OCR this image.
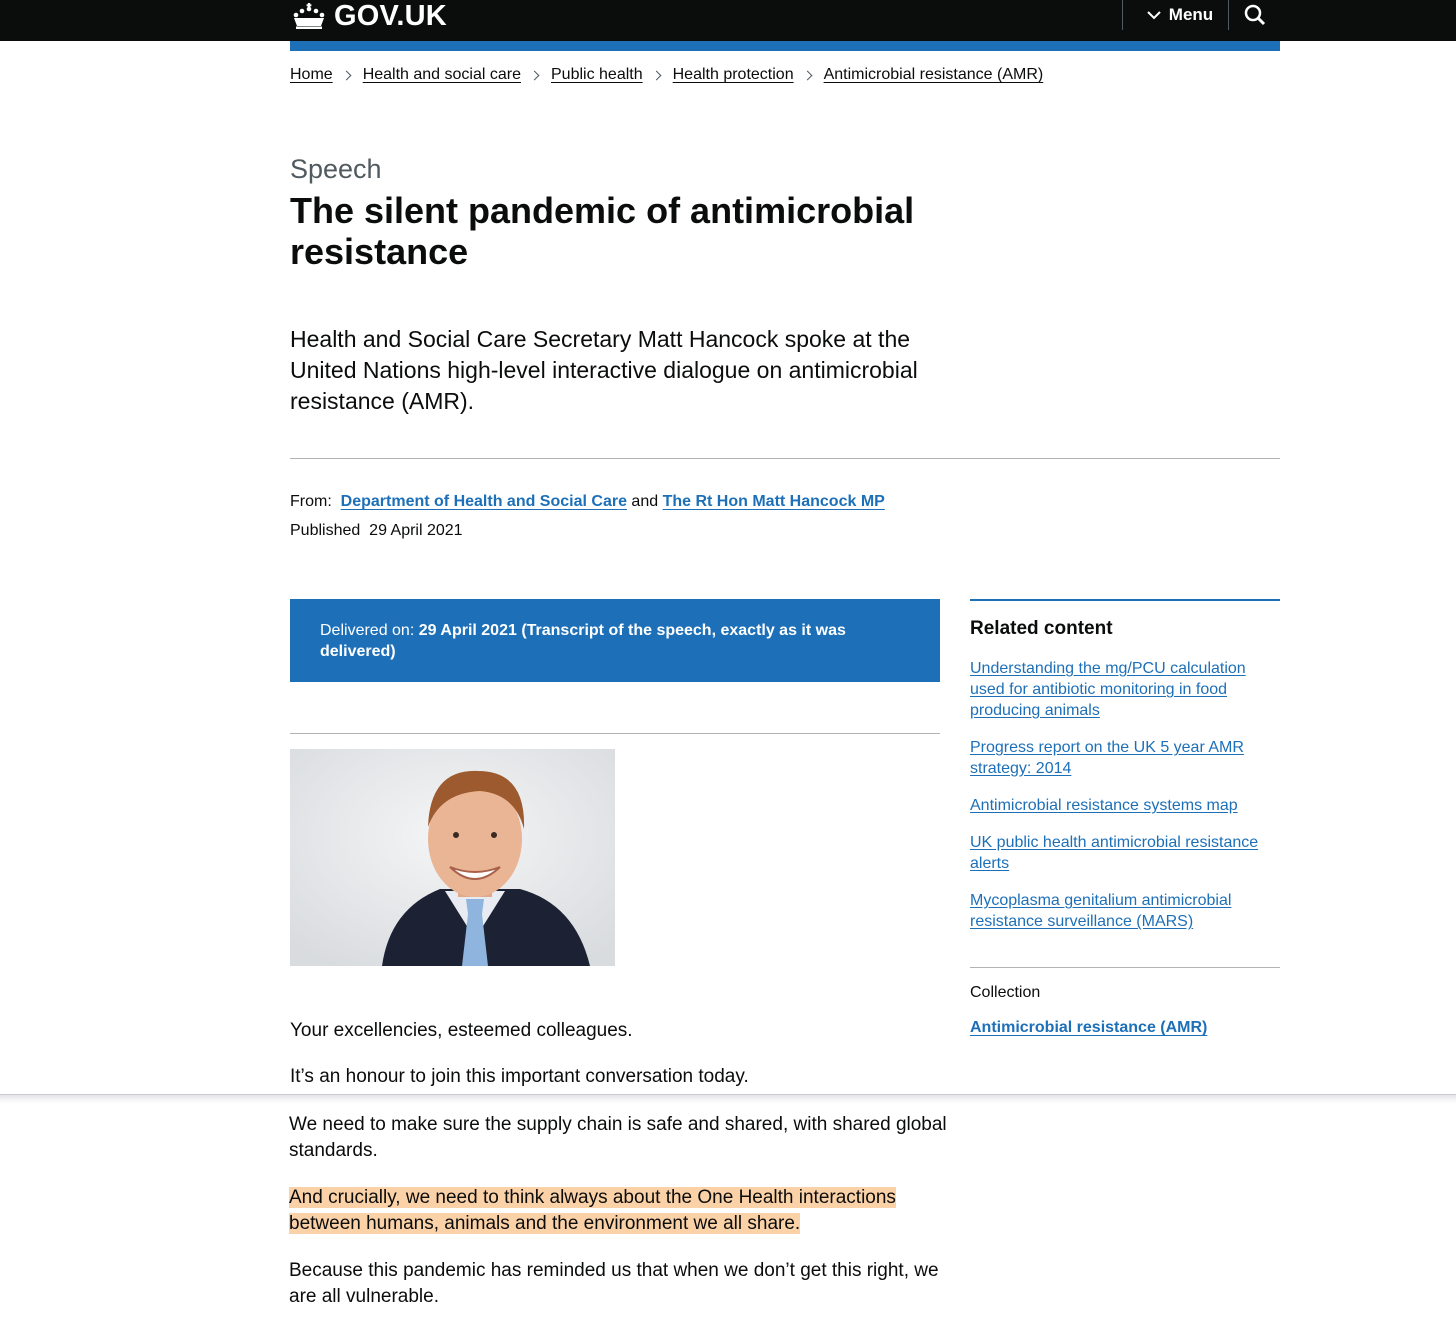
GOV.UK	Menu
Home Health and social care Public health Health protection Antimicrobial resistance (AMR)
Speech
The silent pandemic of antimicrobial resistance

Health and Social Care Secretary Matt Hancock spoke at the United Nations high-level interactive dialogue on antimicrobial resistance (AMR).

From: Department of Health and Social Care and The Rt Hon Matt Hancock MP
Published 29 April 2021
Delivered on: 29 April 2021 (Transcript of the speech, exactly as it was delivered)

Your excellencies, esteemed colleagues.

It’s an honour to join this important conversation today.

We need to make sure the supply chain is safe and shared, with shared global standards.

And crucially, we need to think always about the One Health interactions between humans, animals and the environment we all share.

Because this pandemic has reminded us that when we don’t get this right, we are all vulnerable.

Related content
Understanding the mg/PCU calculation used for antibiotic monitoring in food producing animals
Progress report on the UK 5 year AMR strategy: 2014
Antimicrobial resistance systems map
UK public health antimicrobial resistance alerts
Mycoplasma genitalium antimicrobial resistance surveillance (MARS)
Collection
Antimicrobial resistance (AMR)
